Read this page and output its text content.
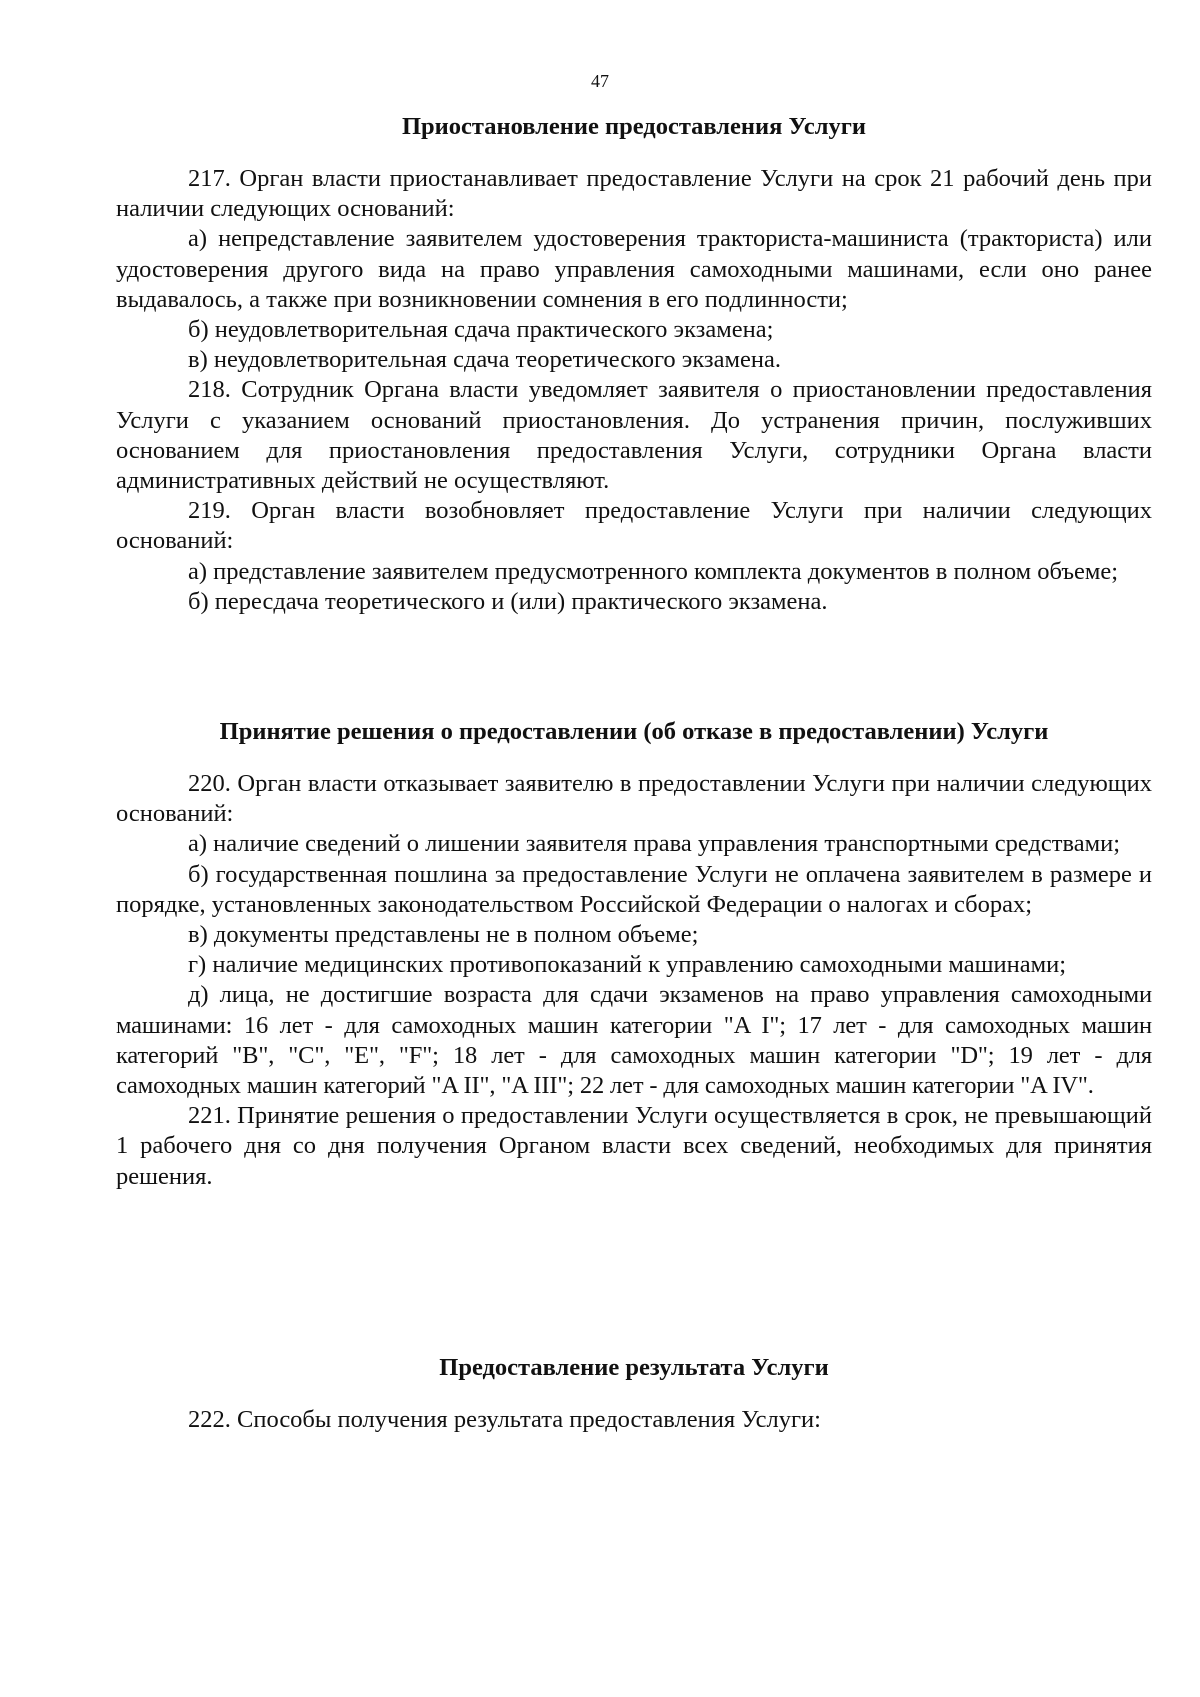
47
Приостановление предоставления Услуги

217. Орган власти приостанавливает предоставление Услуги на срок 21 рабочий день при наличии следующих оснований:

а) непредставление заявителем удостоверения тракториста-машиниста (тракториста) или удостоверения другого вида на право управления самоходными машинами, если оно ранее выдавалось, а также при возникновении сомнения в его подлинности;

б) неудовлетворительная сдача практического экзамена;

в) неудовлетворительная сдача теоретического экзамена.

218. Сотрудник Органа власти уведомляет заявителя о приостановлении предоставления Услуги с указанием оснований приостановления. До устранения причин, послуживших основанием для приостановления предоставления Услуги, сотрудники Органа власти административных действий не осуществляют.

219. Орган власти возобновляет предоставление Услуги при наличии следующих оснований:

а) представление заявителем предусмотренного комплекта документов в полном объеме;

б) пересдача теоретического и (или) практического экзамена.

Принятие решения о предоставлении (об отказе в предоставлении) Услуги

220. Орган власти отказывает заявителю в предоставлении Услуги при наличии следующих оснований:

а) наличие сведений о лишении заявителя права управления транспортными средствами;

б) государственная пошлина за предоставление Услуги не оплачена заявителем в размере и порядке, установленных законодательством Российской Федерации о налогах и сборах;

в) документы представлены не в полном объеме;

г) наличие медицинских противопоказаний к управлению самоходными машинами;

д) лица, не достигшие возраста для сдачи экзаменов на право управления самоходными машинами: 16 лет - для самоходных машин категории "A I"; 17 лет - для самоходных машин категорий "B", "C", "E", "F"; 18 лет - для самоходных машин категории "D"; 19 лет - для самоходных машин категорий "A II", "A III"; 22 лет - для самоходных машин категории "A IV".

221. Принятие решения о предоставлении Услуги осуществляется в срок, не превышающий 1 рабочего дня со дня получения Органом власти всех сведений, необходимых для принятия решения.

Предоставление результата Услуги

222. Способы получения результата предоставления Услуги:
